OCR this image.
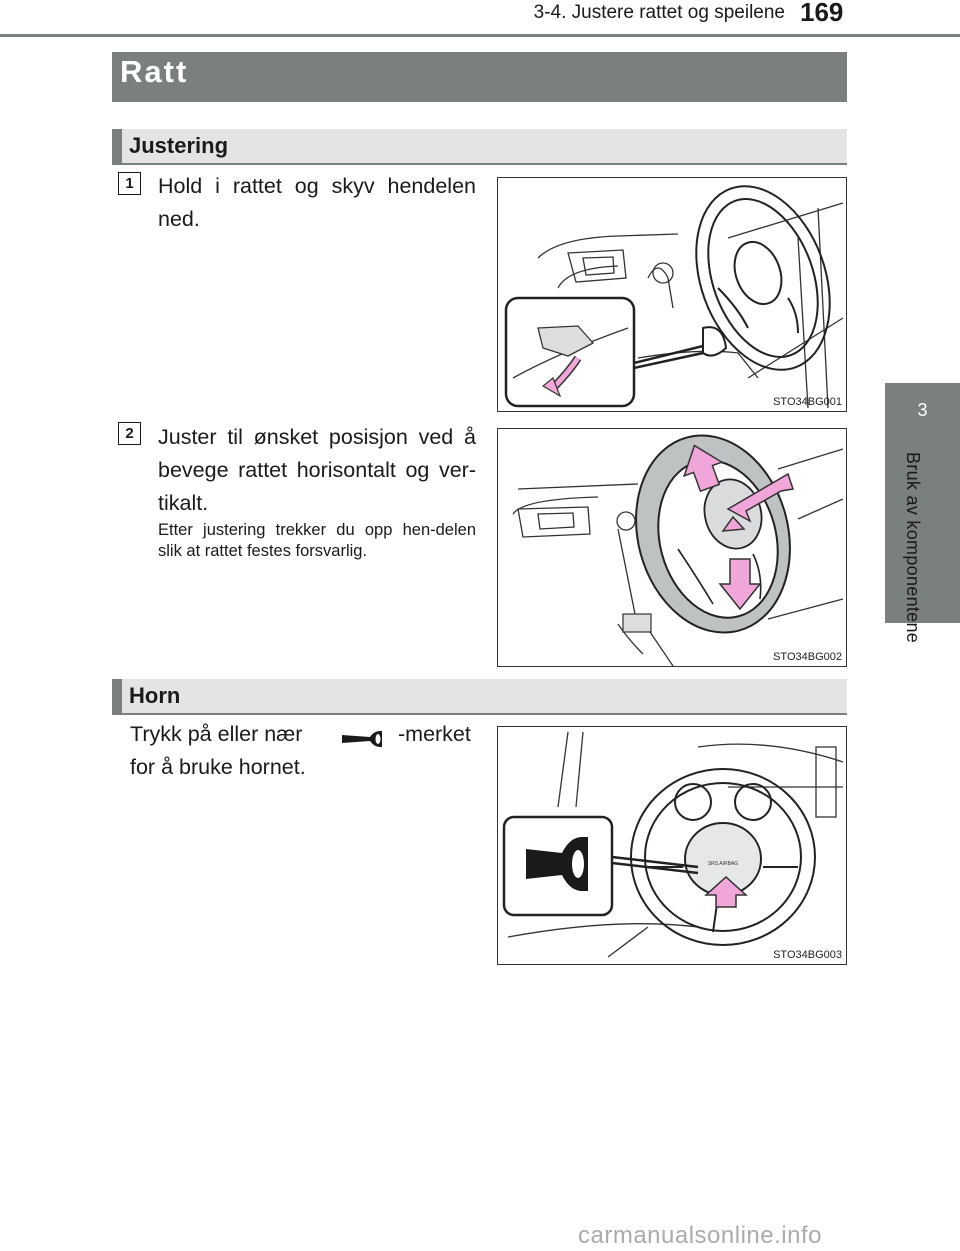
3-4. Justere rattet og speilene 169
3
Bruk av komponentene
Ratt
Justering
1	Hold i rattet og skyv hendelen ned.
STO34BG001
2	Juster til ønsket posisjon ved å bevege rattet horisontalt og ver-tikalt.
Etter justering trekker du opp hen-delen slik at rattet festes forsvarlig.
STO34BG002
Horn
Trykk på eller nær	-merket
for å bruke hornet.
SRS AIRBAG
STO34BG003
carmanualsonline.info
